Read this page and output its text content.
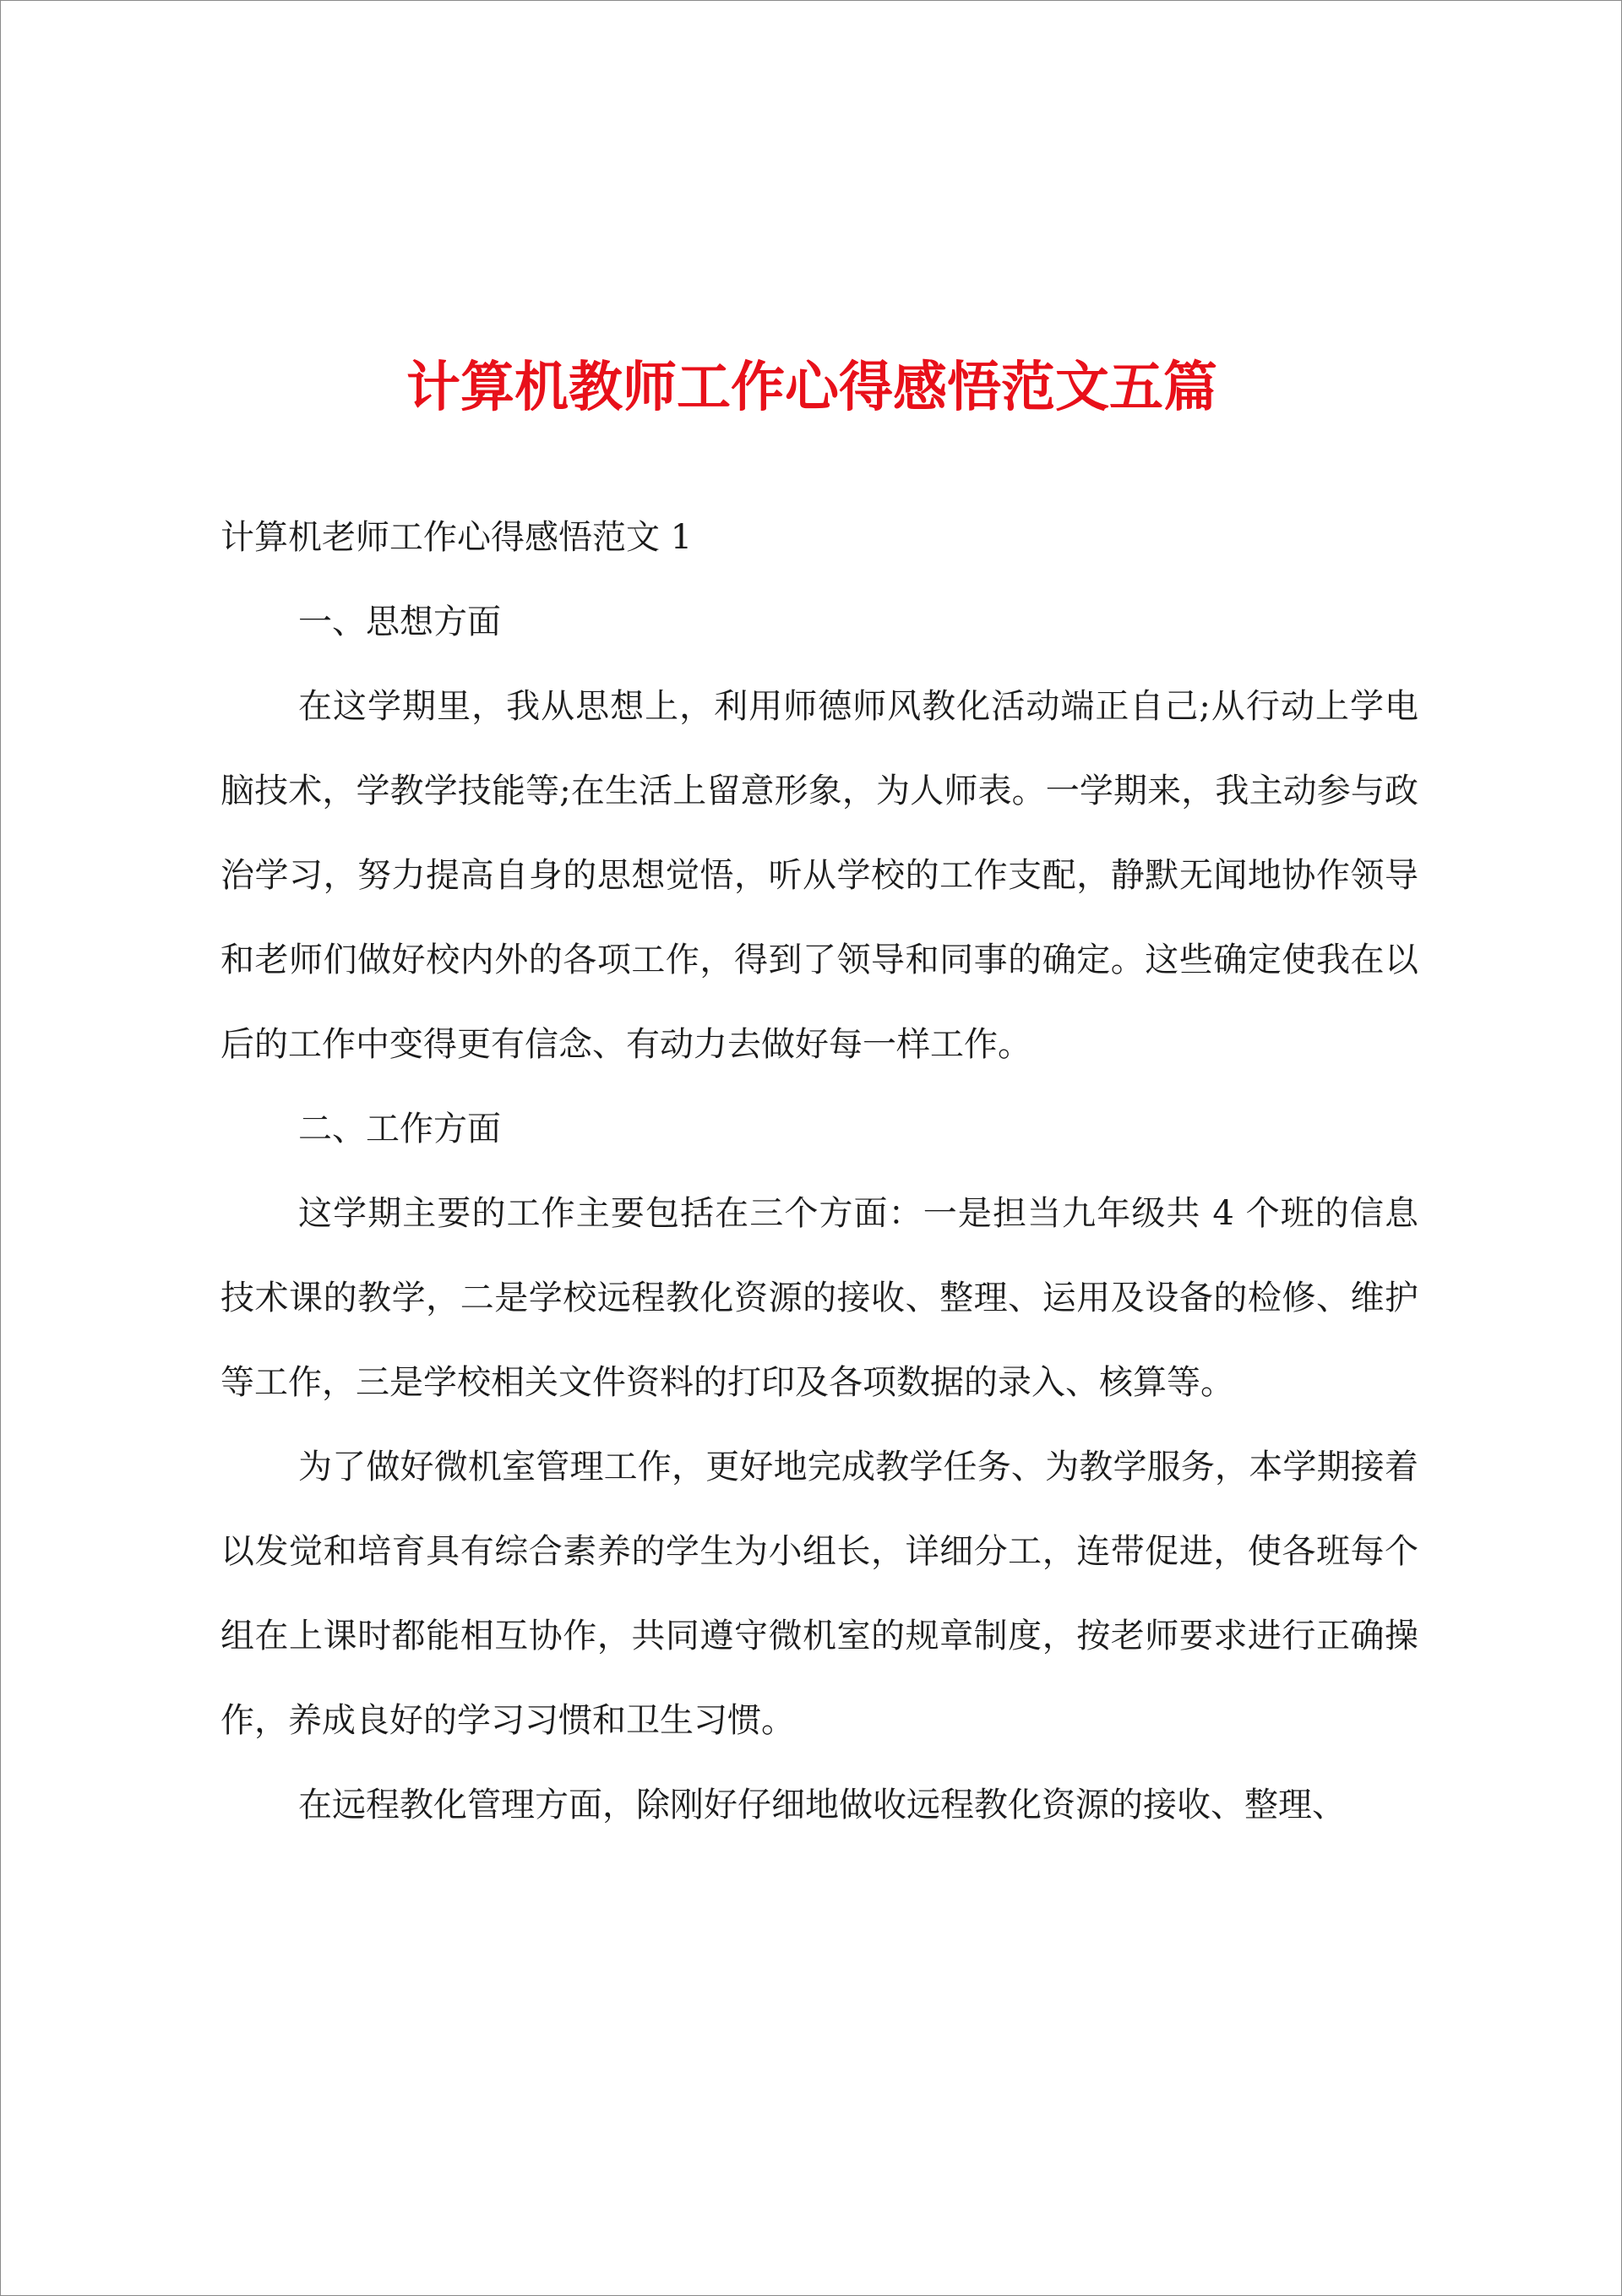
计算机教师工作心得感悟范文五篇

计算机老师工作心得感悟范文 1

一、思想方面

在这学期里，我从思想上，利用师德师风教化活动端正自己;从行动上学电脑技术，学教学技能等;在生活上留意形象，为人师表。一学期来，我主动参与政治学习，努力提高自身的思想觉悟，听从学校的工作支配，静默无闻地协作领导和老师们做好校内外的各项工作，得到了领导和同事的确定。这些确定使我在以后的工作中变得更有信念、有动力去做好每一样工作。

二、工作方面

这学期主要的工作主要包括在三个方面：一是担当九年级共 4 个班的信息技术课的教学，二是学校远程教化资源的接收、整理、运用及设备的检修、维护等工作，三是学校相关文件资料的打印及各项数据的录入、核算等。

为了做好微机室管理工作，更好地完成教学任务、为教学服务，本学期接着以发觉和培育具有综合素养的学生为小组长，详细分工，连带促进，使各班每个组在上课时都能相互协作，共同遵守微机室的规章制度，按老师要求进行正确操作，养成良好的学习习惯和卫生习惯。

在远程教化管理方面，除刚好仔细地做收远程教化资源的接收、整理、
